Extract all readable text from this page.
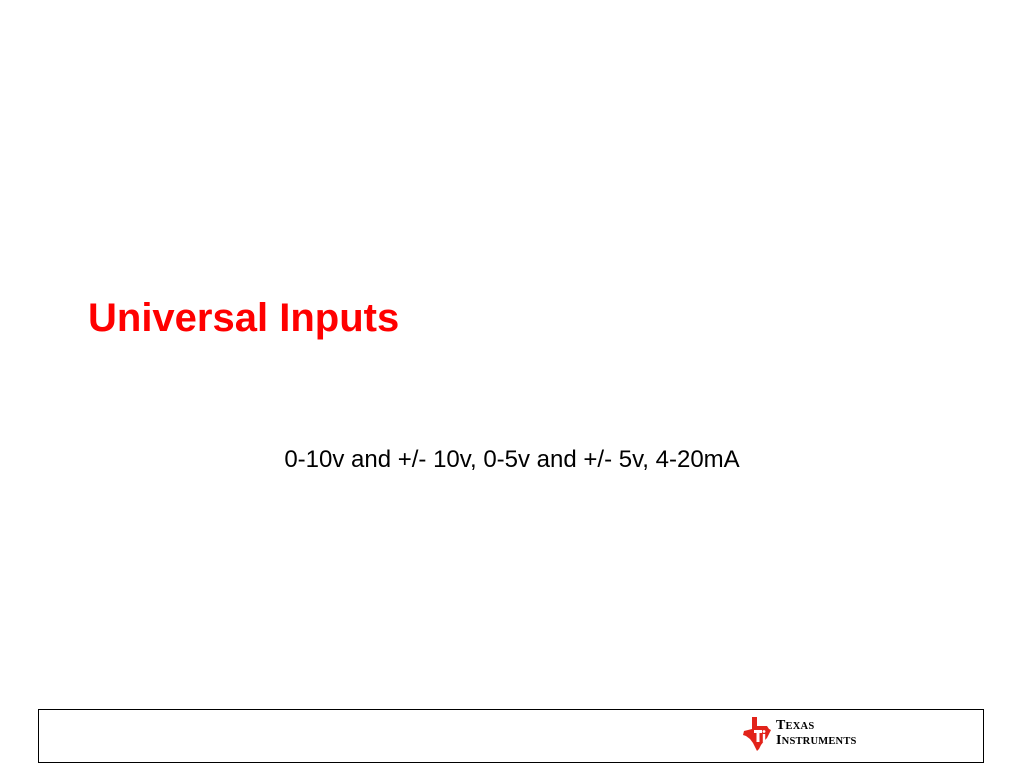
Universal Inputs
0-10v and +/- 10v, 0-5v and +/- 5v, 4-20mA
TEXAS
INSTRUMENTS
